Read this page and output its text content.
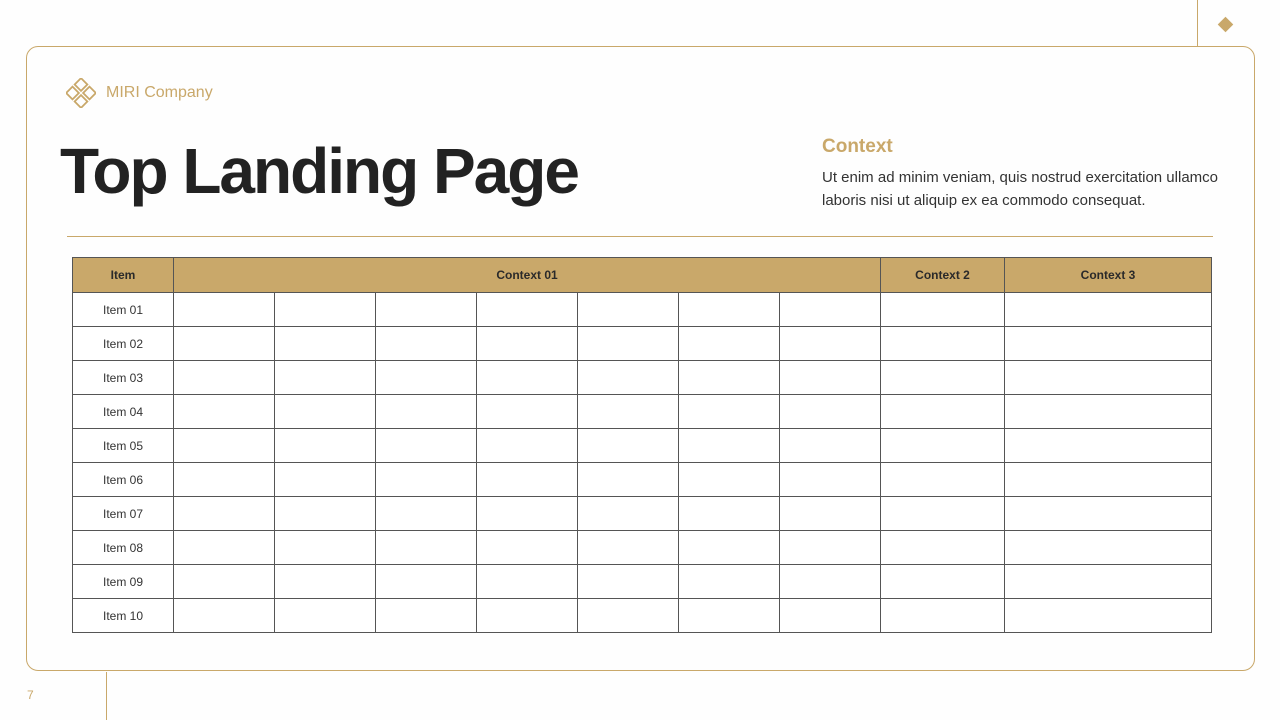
7
MIRI Company
Top Landing Page	Context
Ut enim ad minim veniam, quis nostrud exercitation ullamco laboris nisi ut aliquip ex ea commodo consequat.
Item	Context 01							Context 2	Context 3
Item 01									
Item 02									
Item 03									
Item 04									
Item 05									
Item 06									
Item 07									
Item 08									
Item 09									
Item 10									
